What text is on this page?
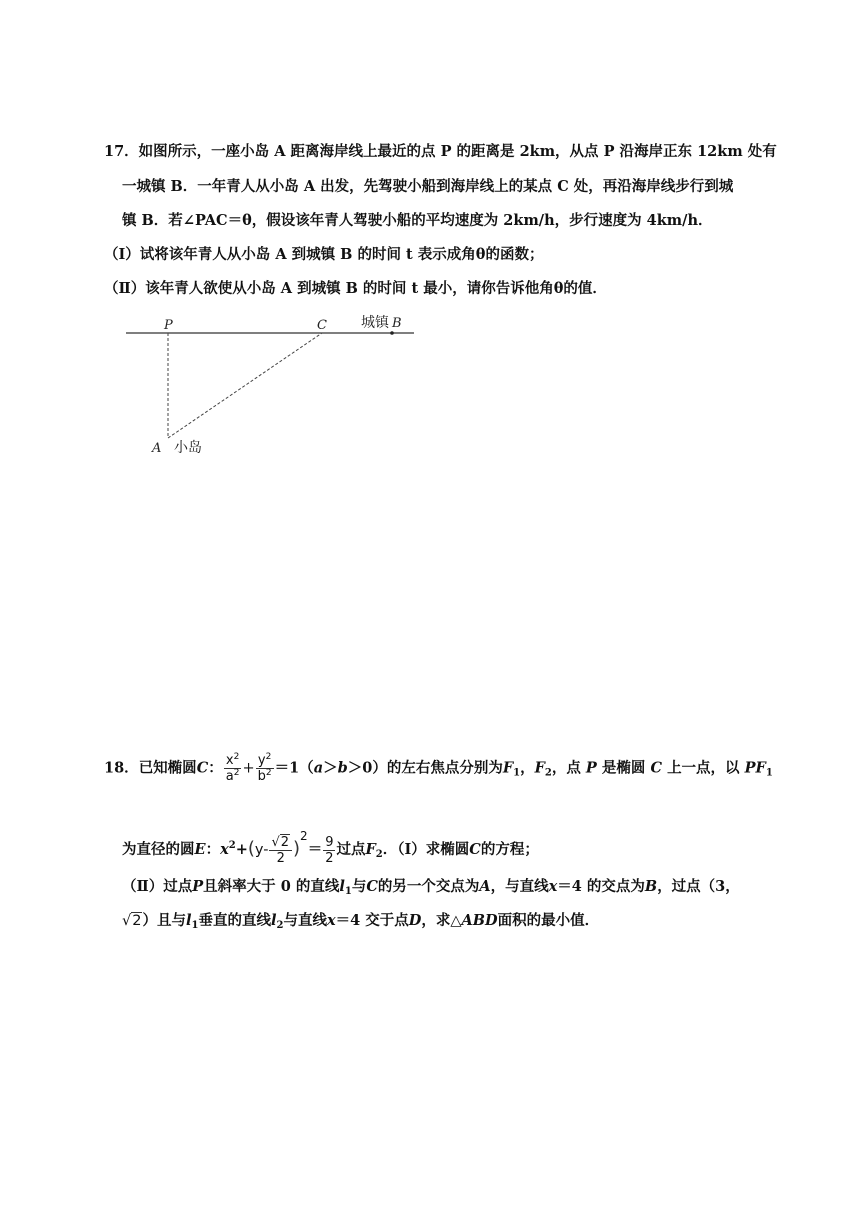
17．如图所示，一座小岛 A 距离海岸线上最近的点 P 的距离是 2km，从点 P 沿海岸正东 12km 处有
一城镇 B．一年青人从小岛 A 出发，先驾驶小船到海岸线上的某点 C 处，再沿海岸线步行到城
镇 B．若∠PAC＝θ，假设该年青人驾驶小船的平均速度为 2km/h，步行速度为 4km/h．
（Ⅰ）试将该年青人从小岛 A 到城镇 B 的时间 t 表示成角θ的函数；
（Ⅱ）该年青人欲使从小岛 A 到城镇 B 的时间 t 最小，请你告诉他角θ的值．
P	C 城镇 B
A 小岛
18．已知椭圆C： $\frac{x^2}{a^2} + \frac{y^2}{b^2} =1(a>b>0)$的左右焦点分别为$F_1$，$F_2$，点 P 是椭圆 C 上一点，以 $PF_1$
为直径的圆E：$x^2+(y- \frac{√2}{2} )^2= \frac{9}{2}$ 过点$F_2$．（Ⅰ）求椭圆C的方程；
（Ⅱ）过点P且斜率大于 0 的直线$l_1$与C的另一个交点为A，与直线x＝4 的交点为B，过点（3，
√2）且与$l_1$垂直的直线$l_2$与直线x＝4 交于点D，求△ABD面积的最小值．
